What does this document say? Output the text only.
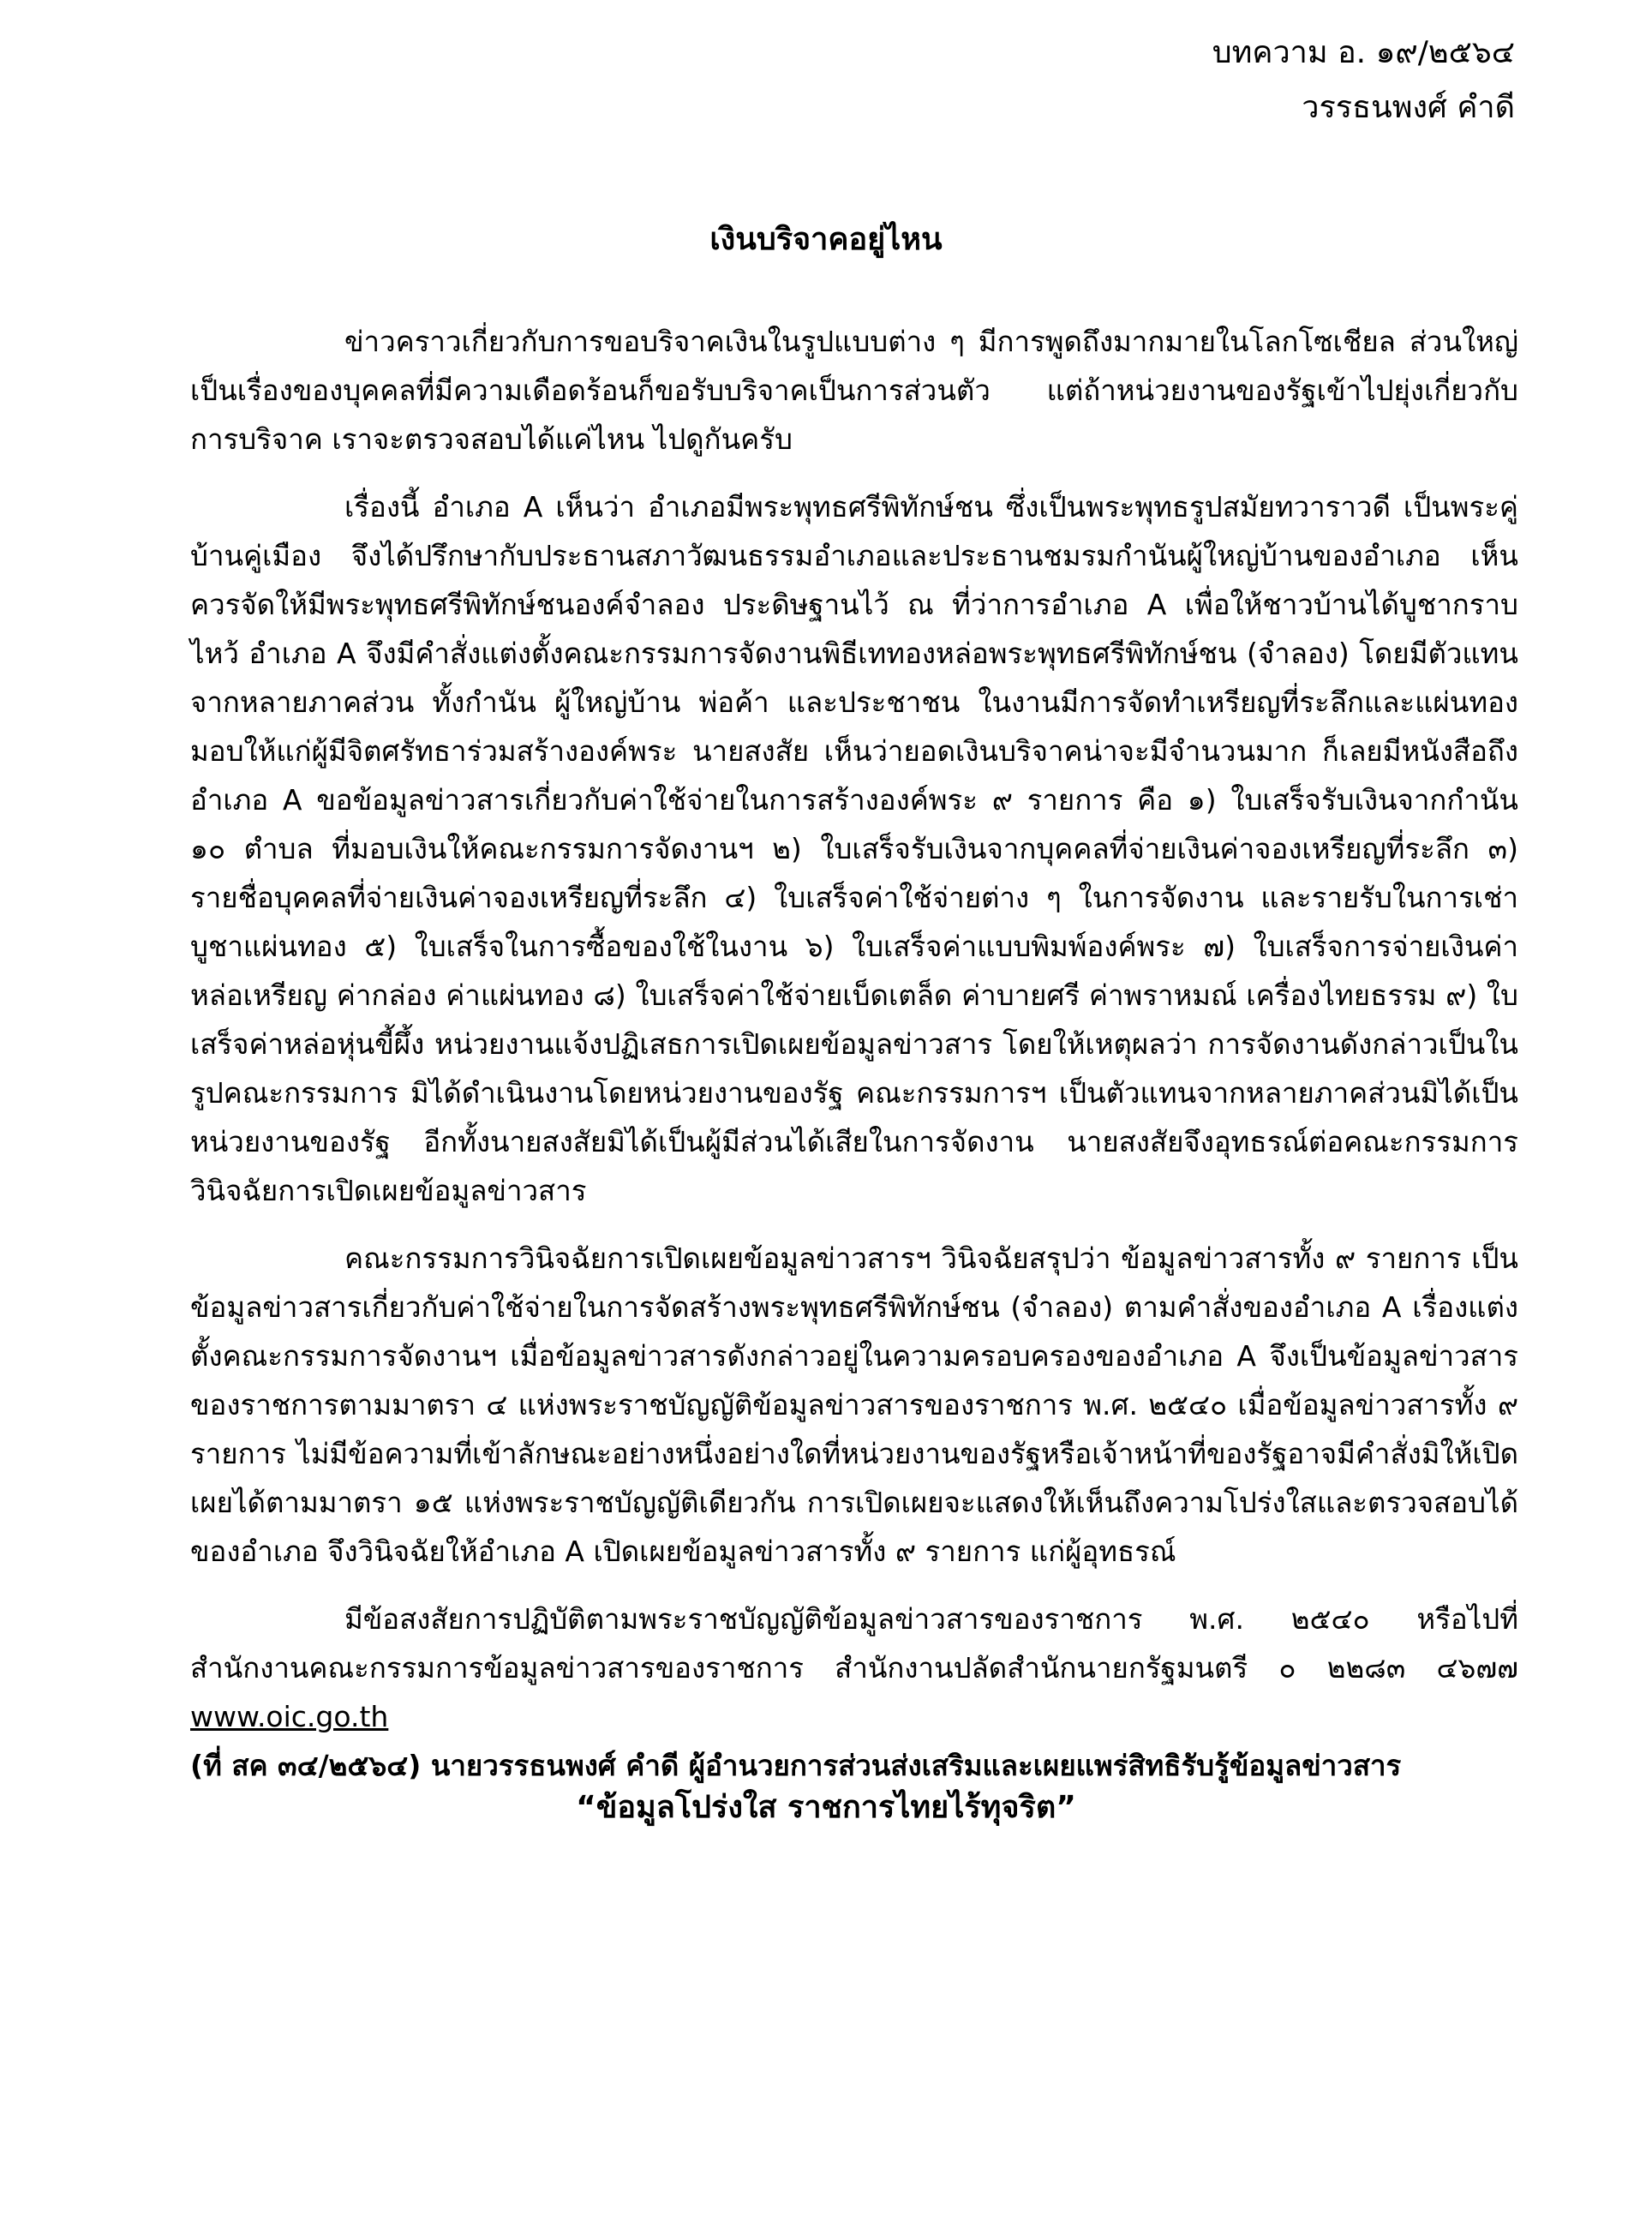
บทความ อ. ๑๙/๒๕๖๔
วรรธนพงศ์ คำดี
เงินบริจาคอยู่ไหน

ข่าวคราวเกี่ยวกับการขอบริจาคเงินในรูปแบบต่าง ๆ มีการพูดถึงมากมายในโลกโซเชียล ส่วนใหญ่เป็นเรื่องของบุคคลที่มีความเดือดร้อนก็ขอรับบริจาคเป็นการส่วนตัว แต่ถ้าหน่วยงานของรัฐเข้าไปยุ่งเกี่ยวกับการบริจาค เราจะตรวจสอบได้แค่ไหน ไปดูกันครับ

เรื่องนี้ อำเภอ A เห็นว่า อำเภอมีพระพุทธศรีพิทักษ์ชน ซึ่งเป็นพระพุทธรูปสมัยทวาราวดี เป็นพระคู่บ้านคู่เมือง จึงได้ปรึกษากับประธานสภาวัฒนธรรมอำเภอและประธานชมรมกำนันผู้ใหญ่บ้านของอำเภอ เห็นควรจัดให้มีพระพุทธศรีพิทักษ์ชนองค์จำลอง ประดิษฐานไว้ ณ ที่ว่าการอำเภอ A เพื่อให้ชาวบ้านได้บูชากราบไหว้ อำเภอ A จึงมีคำสั่งแต่งตั้งคณะกรรมการจัดงานพิธีเททองหล่อพระพุทธศรีพิทักษ์ชน (จำลอง) โดยมีตัวแทนจากหลายภาคส่วน ทั้งกำนัน ผู้ใหญ่บ้าน พ่อค้า และประชาชน ในงานมีการจัดทำเหรียญที่ระลึกและแผ่นทองมอบให้แก่ผู้มีจิตศรัทธาร่วมสร้างองค์พระ นายสงสัย เห็นว่ายอดเงินบริจาคน่าจะมีจำนวนมาก ก็เลยมีหนังสือถึงอำเภอ A ขอข้อมูลข่าวสารเกี่ยวกับค่าใช้จ่ายในการสร้างองค์พระ ๙ รายการ คือ ๑) ใบเสร็จรับเงินจากกำนัน ๑๐ ตำบล ที่มอบเงินให้คณะกรรมการจัดงานฯ ๒) ใบเสร็จรับเงินจากบุคคลที่จ่ายเงินค่าจองเหรียญที่ระลึก ๓) รายชื่อบุคคลที่จ่ายเงินค่าจองเหรียญที่ระลึก ๔) ใบเสร็จค่าใช้จ่ายต่าง ๆ ในการจัดงาน และรายรับในการเช่าบูชาแผ่นทอง ๕) ใบเสร็จในการซื้อของใช้ในงาน ๖) ใบเสร็จค่าแบบพิมพ์องค์พระ ๗) ใบเสร็จการจ่ายเงินค่าหล่อเหรียญ ค่ากล่อง ค่าแผ่นทอง ๘) ใบเสร็จค่าใช้จ่ายเบ็ดเตล็ด ค่าบายศรี ค่าพราหมณ์ เครื่องไทยธรรม ๙) ใบเสร็จค่าหล่อหุ่นขี้ผึ้ง หน่วยงานแจ้งปฏิเสธการเปิดเผยข้อมูลข่าวสาร โดยให้เหตุผลว่า การจัดงานดังกล่าวเป็นในรูปคณะกรรมการ มิได้ดำเนินงานโดยหน่วยงานของรัฐ คณะกรรมการฯ เป็นตัวแทนจากหลายภาคส่วนมิได้เป็นหน่วยงานของรัฐ อีกทั้งนายสงสัยมิได้เป็นผู้มีส่วนได้เสียในการจัดงาน นายสงสัยจึงอุทธรณ์ต่อคณะกรรมการวินิจฉัยการเปิดเผยข้อมูลข่าวสาร

คณะกรรมการวินิจฉัยการเปิดเผยข้อมูลข่าวสารฯ วินิจฉัยสรุปว่า ข้อมูลข่าวสารทั้ง ๙ รายการ เป็นข้อมูลข่าวสารเกี่ยวกับค่าใช้จ่ายในการจัดสร้างพระพุทธศรีพิทักษ์ชน (จำลอง) ตามคำสั่งของอำเภอ A เรื่องแต่งตั้งคณะกรรมการจัดงานฯ เมื่อข้อมูลข่าวสารดังกล่าวอยู่ในความครอบครองของอำเภอ A จึงเป็นข้อมูลข่าวสารของราชการตามมาตรา ๔ แห่งพระราชบัญญัติข้อมูลข่าวสารของราชการ พ.ศ. ๒๕๔๐ เมื่อข้อมูลข่าวสารทั้ง ๙ รายการ ไม่มีข้อความที่เข้าลักษณะอย่างหนึ่งอย่างใดที่หน่วยงานของรัฐหรือเจ้าหน้าที่ของรัฐอาจมีคำสั่งมิให้เปิดเผยได้ตามมาตรา ๑๕ แห่งพระราชบัญญัติเดียวกัน การเปิดเผยจะแสดงให้เห็นถึงความโปร่งใสและตรวจสอบได้ของอำเภอ จึงวินิจฉัยให้อำเภอ A เปิดเผยข้อมูลข่าวสารทั้ง ๙ รายการ แก่ผู้อุทธรณ์

มีข้อสงสัยการปฏิบัติตามพระราชบัญญัติข้อมูลข่าวสารของราชการ พ.ศ. ๒๕๔๐ หรือไปที่สำนักงานคณะกรรมการข้อมูลข่าวสารของราชการ สำนักงานปลัดสำนักนายกรัฐมนตรี ๐ ๒๒๘๓ ๔๖๗๗ www.oic.go.th
(ที่ สค ๓๔/๒๕๖๔) นายวรรธนพงศ์ คำดี ผู้อำนวยการส่วนส่งเสริมและเผยแพร่สิทธิรับรู้ข้อมูลข่าวสาร
“ข้อมูลโปร่งใส ราชการไทยไร้ทุจริต”
